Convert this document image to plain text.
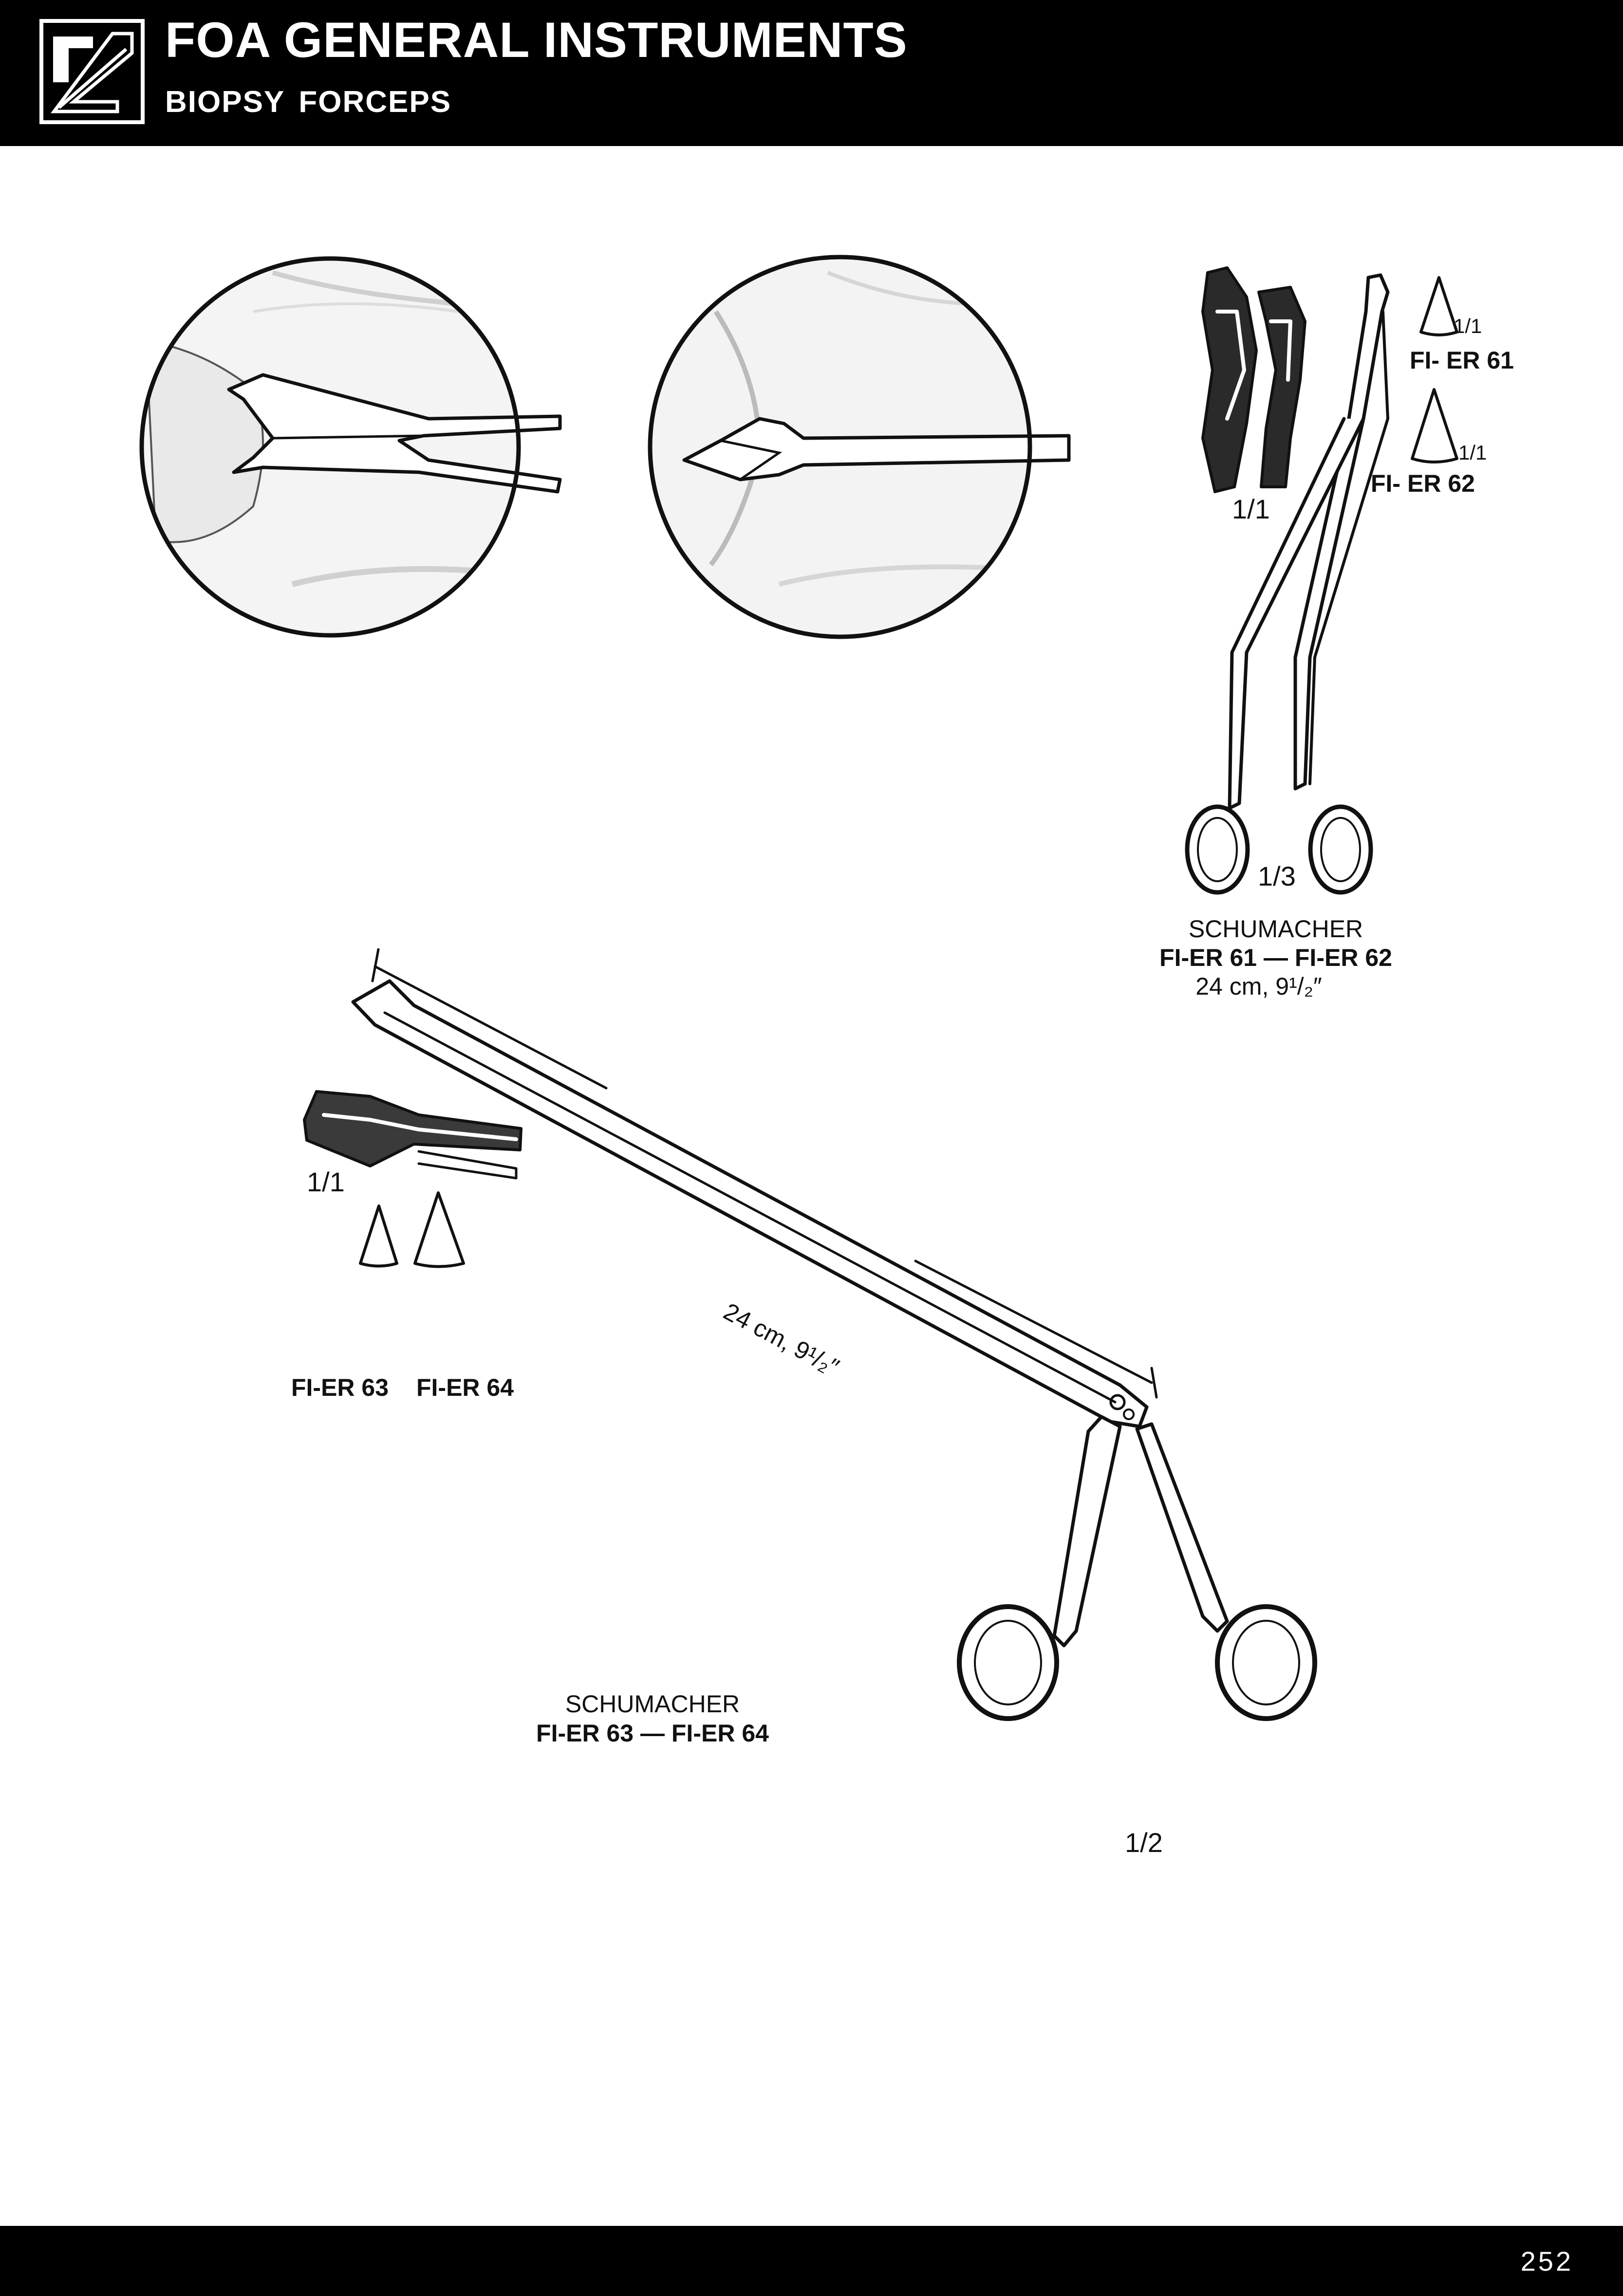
FOA GENERAL INSTRUMENTS
BIOPSY FORCEPS
1/1
1/1
FI- ER 61
1/1
FI- ER 62
1/3
SCHUMACHER
FI-ER 61 — FI-ER 62
24 cm, 9¹/₂″
1/1
FI-ER 63 FI-ER 64
24 cm, 9¹/₂″
SCHUMACHER
FI-ER 63 — FI-ER 64
1/2
252
